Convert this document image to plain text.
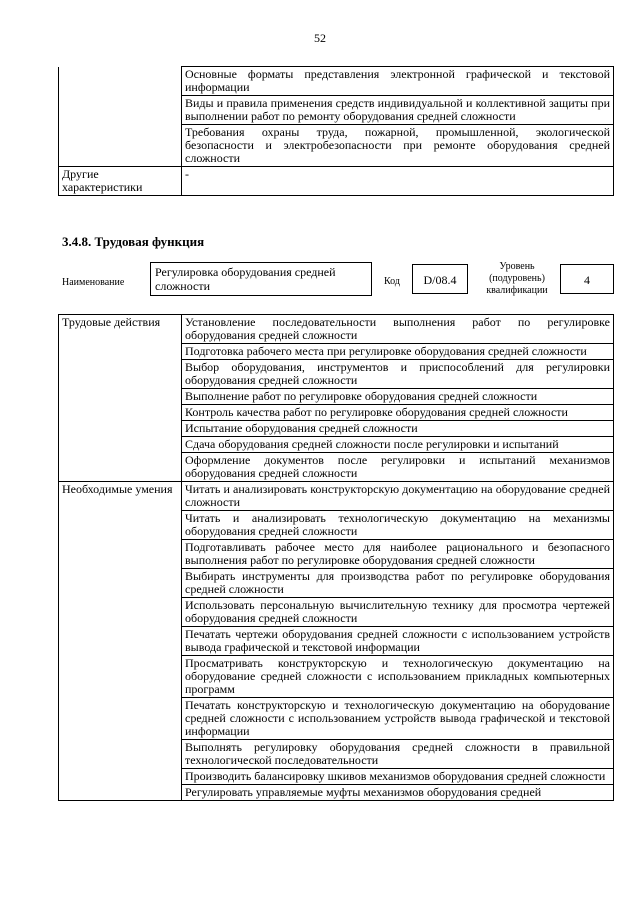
52
	Основные форматы представления электронной графической и текстовой информации
	Виды и правила применения средств индивидуальной и коллективной защиты при выполнении работ по ремонту оборудования средней сложности
	Требования охраны труда, пожарной, промышленной, экологической безопасности и электробезопасности при ремонте оборудования средней сложности
Другие характеристики	-
3.4.8. Трудовая функция
Наименование
Регулировка оборудования средней сложности	Код	D/08.4
Уровень (подуровень) квалификации
4
Трудовые действия	Установление последовательности выполнения работ по регулировке оборудования средней сложности
	Подготовка рабочего места при регулировке оборудования средней сложности
	Выбор оборудования, инструментов и приспособлений для регулировки оборудования средней сложности
	Выполнение работ по регулировке оборудования средней сложности
	Контроль качества работ по регулировке оборудования средней сложности
	Испытание оборудования средней сложности
	Сдача оборудования средней сложности после регулировки и испытаний
	Оформление документов после регулировки и испытаний механизмов оборудования средней сложности
Необходимые умения	Читать и анализировать конструкторскую документацию на оборудование средней сложности
	Читать и анализировать технологическую документацию на механизмы оборудования средней сложности
	Подготавливать рабочее место для наиболее рационального и безопасного выполнения работ по регулировке оборудования средней сложности
	Выбирать инструменты для производства работ по регулировке оборудования средней сложности
	Использовать персональную вычислительную технику для просмотра чертежей оборудования средней сложности
	Печатать чертежи оборудования средней сложности с использованием устройств вывода графической и текстовой информации
	Просматривать конструкторскую и технологическую документацию на оборудование средней сложности с использованием прикладных компьютерных программ
	Печатать конструкторскую и технологическую документацию на оборудование средней сложности с использованием устройств вывода графической и текстовой информации
	Выполнять регулировку оборудования средней сложности в правильной технологической последовательности
	Производить балансировку шкивов механизмов оборудования средней сложности
	Регулировать управляемые муфты механизмов оборудования средней
